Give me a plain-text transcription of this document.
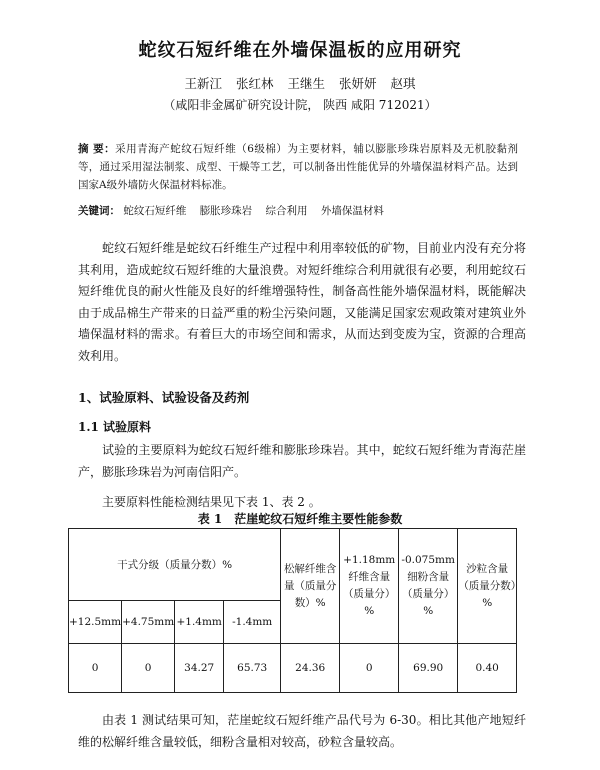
蛇纹石短纤维在外墙保温板的应用研究
王新江 张红林 王继生 张妍妍 赵琪
（咸阳非金属矿研究设计院， 陕西 咸阳 712021）
摘 要：采用青海产蛇纹石短纤维（6级棉）为主要材料，辅以膨胀珍珠岩原料及无机胶黏剂等，通过采用湿法制浆、成型、干燥等工艺，可以制备出性能优异的外墙保温材料产品。达到国家A级外墙防火保温材料标准。
关键词： 蛇纹石短纤维 膨胀珍珠岩 综合利用 外墙保温材料
蛇纹石短纤维是蛇纹石纤维生产过程中利用率较低的矿物，目前业内没有充分将其利用，造成蛇纹石短纤维的大量浪费。对短纤维综合利用就很有必要，利用蛇纹石短纤维优良的耐火性能及良好的纤维增强特性，制备高性能外墙保温材料，既能解决由于成品棉生产带来的日益严重的粉尘污染问题，又能满足国家宏观政策对建筑业外墙保温材料的需求。有着巨大的市场空间和需求，从而达到变废为宝，资源的合理高效利用。
1、试验原料、试验设备及药剂
1.1 试验原料
试验的主要原料为蛇纹石短纤维和膨胀珍珠岩。其中，蛇纹石短纤维为青海茫崖产，膨胀珍珠岩为河南信阳产。
主要原料性能检测结果见下表 1、表 2 。
表 1　茫崖蛇纹石短纤维主要性能参数
干式分级（质量分数）%				松解纤维含量（质量分数）%	+1.18mm纤维含量（质量分）%	-0.075mm细粉含量（质量分）%	沙粒含量（质量分数）%
+12.5mm	+4.75mm	+1.4mm	-1.4mm				
0	0	34.27	65.73	24.36	0	69.90	0.40
由表 1 测试结果可知，茫崖蛇纹石短纤维产品代号为 6-30。相比其他产地短纤维的松解纤维含量较低，细粉含量相对较高，砂粒含量较高。
